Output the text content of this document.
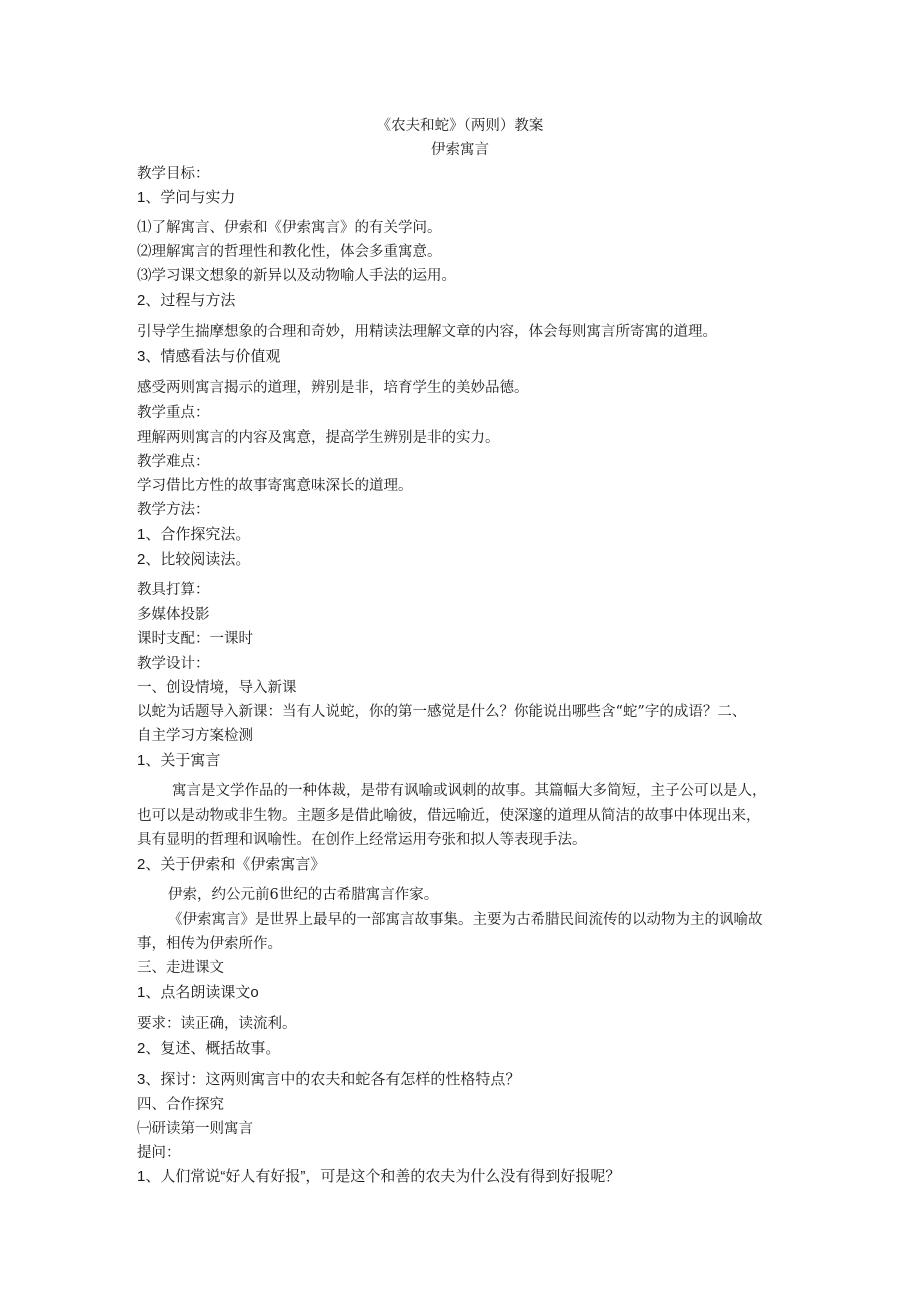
《农夫和蛇》（两则）教案
伊索寓言
教学目标：
1、学问与实力
⑴了解寓言、伊索和《伊索寓言》的有关学问。
⑵理解寓言的哲理性和教化性，体会多重寓意。
⑶学习课文想象的新异以及动物喻人手法的运用。
2、过程与方法
引导学生揣摩想象的合理和奇妙，用精读法理解文章的内容，体会每则寓言所寄寓的道理。
3、情感看法与价值观
感受两则寓言揭示的道理，辨别是非，培育学生的美妙品德。
教学重点：
理解两则寓言的内容及寓意，提高学生辨别是非的实力。
教学难点：
学习借比方性的故事寄寓意味深长的道理。
教学方法：
1、合作探究法。
2、比较阅读法。
教具打算：
多媒体投影
课时支配：一课时
教学设计：
一、创设情境，导入新课
以蛇为话题导入新课：当有人说蛇，你的第一感觉是什么？你能说出哪些含“蛇”字的成语？二、
自主学习方案检测
1、关于寓言
寓言是文学作品的一种体裁，是带有讽喻或讽刺的故事。其篇幅大多简短，主子公可以是人，
也可以是动物或非生物。主题多是借此喻彼，借远喻近，使深邃的道理从简洁的故事中体现出来，
具有显明的哲理和讽喻性。在创作上经常运用夸张和拟人等表现手法。
2、关于伊索和《伊索寓言》
伊索，约公元前6世纪的古希腊寓言作家。
《伊索寓言》是世界上最早的一部寓言故事集。主要为古希腊民间流传的以动物为主的讽喻故
事，相传为伊索所作。
三、走进课文
1、点名朗读课文o
要求：读正确，读流利。
2、复述、概括故事。
3、探讨：这两则寓言中的农夫和蛇各有怎样的性格特点？
四、合作探究
㈠研读第一则寓言
提问：
1、人们常说“好人有好报”，可是这个和善的农夫为什么没有得到好报呢？
